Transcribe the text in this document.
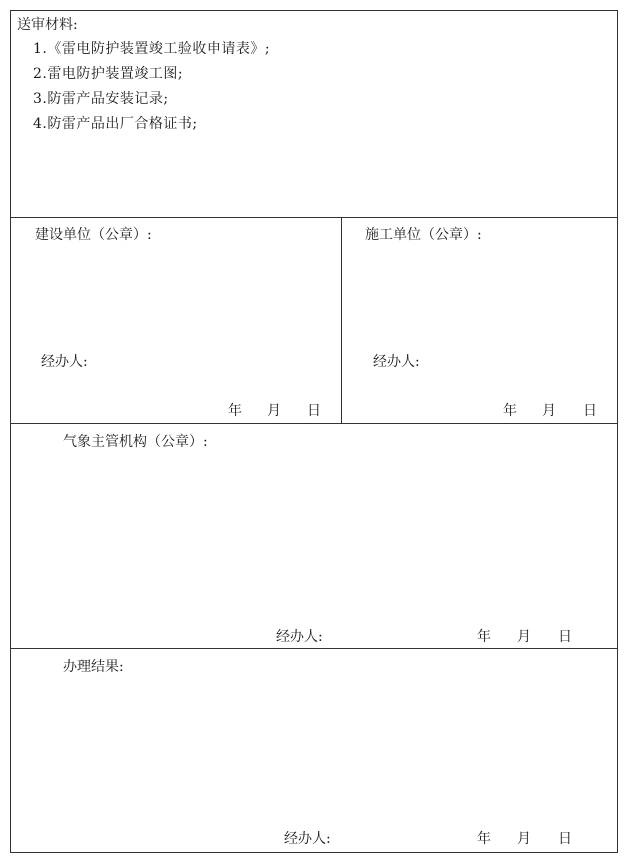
送审材料:
1.《雷电防护装置竣工验收申请表》;
2.雷电防护装置竣工图;
3.防雷产品安装记录;
4.防雷产品出厂合格证书;
建设单位（公章）:
经办人:
年 月 日
施工单位（公章）:
经办人:
年 月 日
气象主管机构（公章）:
经办人:	年 月 日
办理结果:
经办人:	年 月 日
